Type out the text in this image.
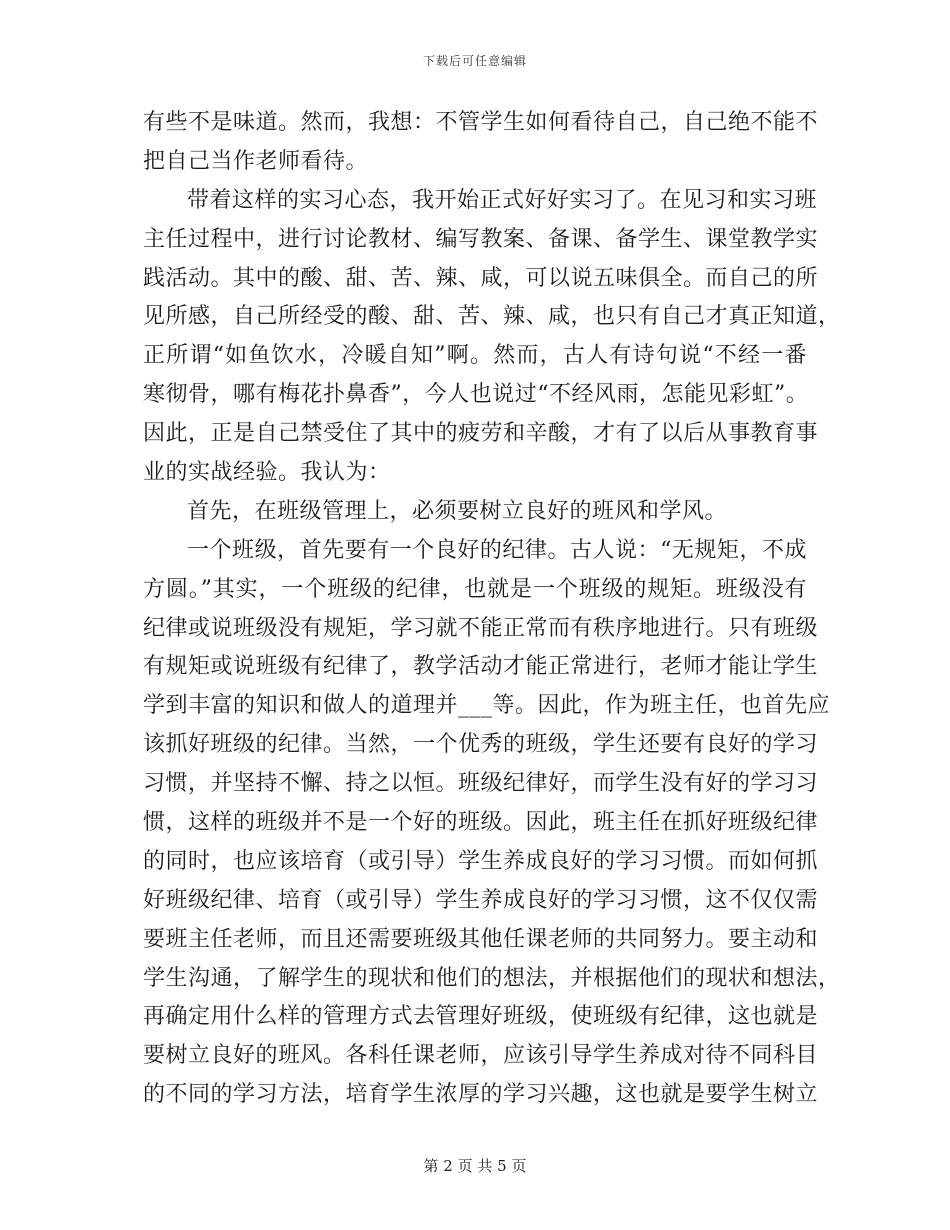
下载后可任意编辑
有些不是味道。然而，我想：不管学生如何看待自己，自己绝不能不
把自己当作老师看待。
带着这样的实习心态，我开始正式好好实习了。在见习和实习班
主任过程中，进行讨论教材、编写教案、备课、备学生、课堂教学实
践活动。其中的酸、甜、苦、辣、咸，可以说五味俱全。而自己的所
见所感，自己所经受的酸、甜、苦、辣、咸，也只有自己才真正知道，
正所谓“如鱼饮水，冷暖自知”啊。然而，古人有诗句说“不经一番
寒彻骨，哪有梅花扑鼻香”，今人也说过“不经风雨，怎能见彩虹”。
因此，正是自己禁受住了其中的疲劳和辛酸，才有了以后从事教育事
业的实战经验。我认为：
首先，在班级管理上，必须要树立良好的班风和学风。
一个班级，首先要有一个良好的纪律。古人说：“无规矩，不成
方圆。”其实，一个班级的纪律，也就是一个班级的规矩。班级没有
纪律或说班级没有规矩，学习就不能正常而有秩序地进行。只有班级
有规矩或说班级有纪律了，教学活动才能正常进行，老师才能让学生
学到丰富的知识和做人的道理并___等。因此，作为班主任，也首先应
该抓好班级的纪律。当然，一个优秀的班级，学生还要有良好的学习
习惯，并坚持不懈、持之以恒。班级纪律好，而学生没有好的学习习
惯，这样的班级并不是一个好的班级。因此，班主任在抓好班级纪律
的同时，也应该培育（或引导）学生养成良好的学习习惯。而如何抓
好班级纪律、培育（或引导）学生养成良好的学习习惯，这不仅仅需
要班主任老师，而且还需要班级其他任课老师的共同努力。要主动和
学生沟通，了解学生的现状和他们的想法，并根据他们的现状和想法，
再确定用什么样的管理方式去管理好班级，使班级有纪律，这也就是
要树立良好的班风。各科任课老师，应该引导学生养成对待不同科目
的不同的学习方法，培育学生浓厚的学习兴趣，这也就是要学生树立
第 2 页 共 5 页
